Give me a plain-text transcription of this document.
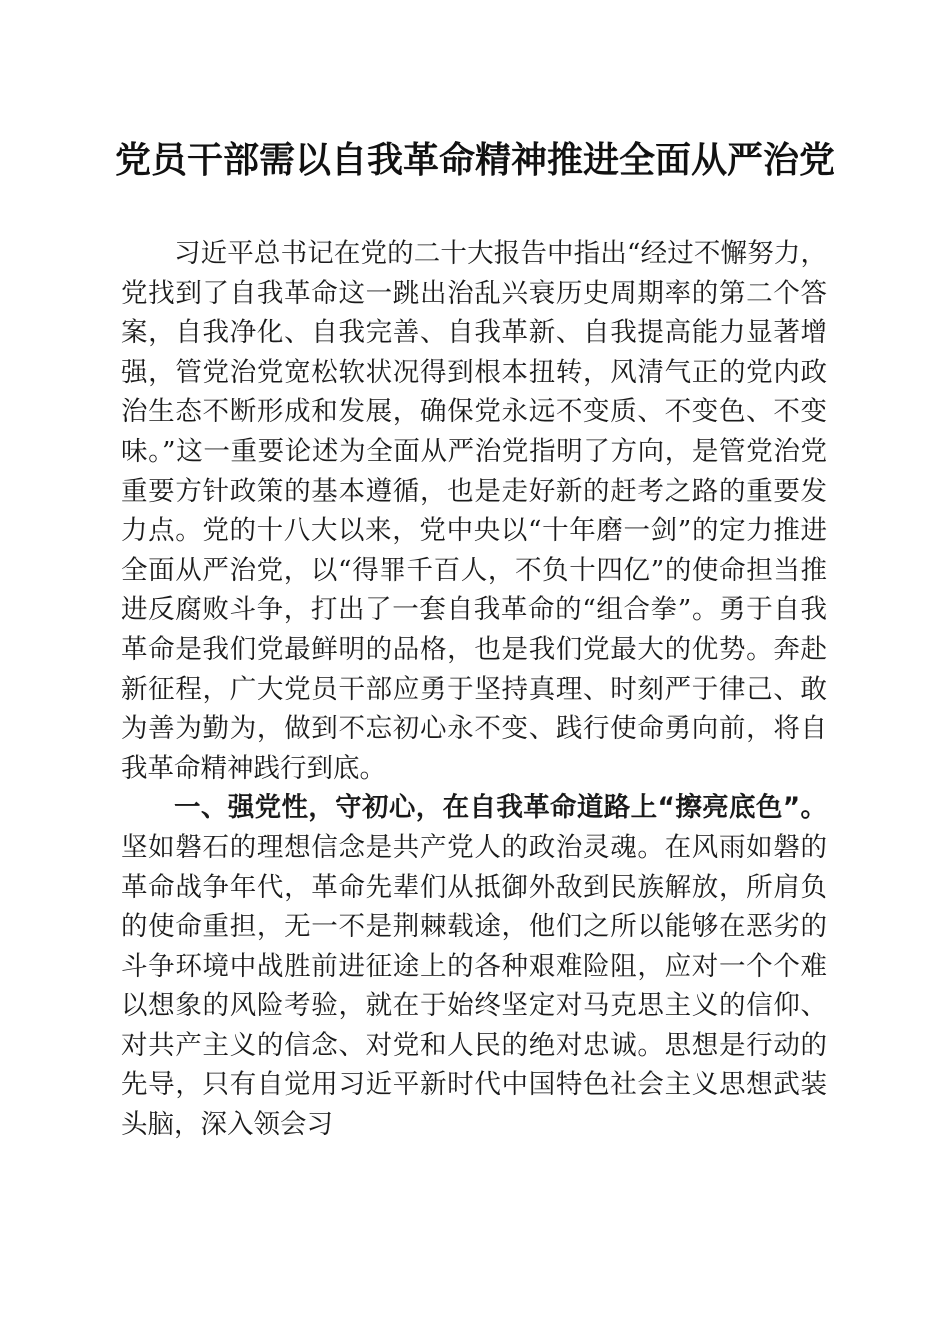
党员干部需以自我革命精神推进全面从严治党

习近平总书记在党的二十大报告中指出“经过不懈努力，党找到了自我革命这一跳出治乱兴衰历史周期率的第二个答案，自我净化、自我完善、自我革新、自我提高能力显著增强，管党治党宽松软状况得到根本扭转，风清气正的党内政治生态不断形成和发展，确保党永远不变质、不变色、不变味。”这一重要论述为全面从严治党指明了方向，是管党治党重要方针政策的基本遵循，也是走好新的赶考之路的重要发力点。党的十八大以来，党中央以“十年磨一剑”的定力推进全面从严治党，以“得罪千百人，不负十四亿”的使命担当推进反腐败斗争，打出了一套自我革命的“组合拳”。勇于自我革命是我们党最鲜明的品格，也是我们党最大的优势。奔赴新征程，广大党员干部应勇于坚持真理、时刻严于律己、敢为善为勤为，做到不忘初心永不变、践行使命勇向前，将自我革命精神践行到底。

一、强党性，守初心，在自我革命道路上“擦亮底色”。坚如磐石的理想信念是共产党人的政治灵魂。在风雨如磐的革命战争年代，革命先辈们从抵御外敌到民族解放，所肩负的使命重担，无一不是荆棘载途，他们之所以能够在恶劣的斗争环境中战胜前进征途上的各种艰难险阻，应对一个个难以想象的风险考验，就在于始终坚定对马克思主义的信仰、对共产主义的信念、对党和人民的绝对忠诚。思想是行动的先导，只有自觉用习近平新时代中国特色社会主义思想武装头脑，深入领会习
